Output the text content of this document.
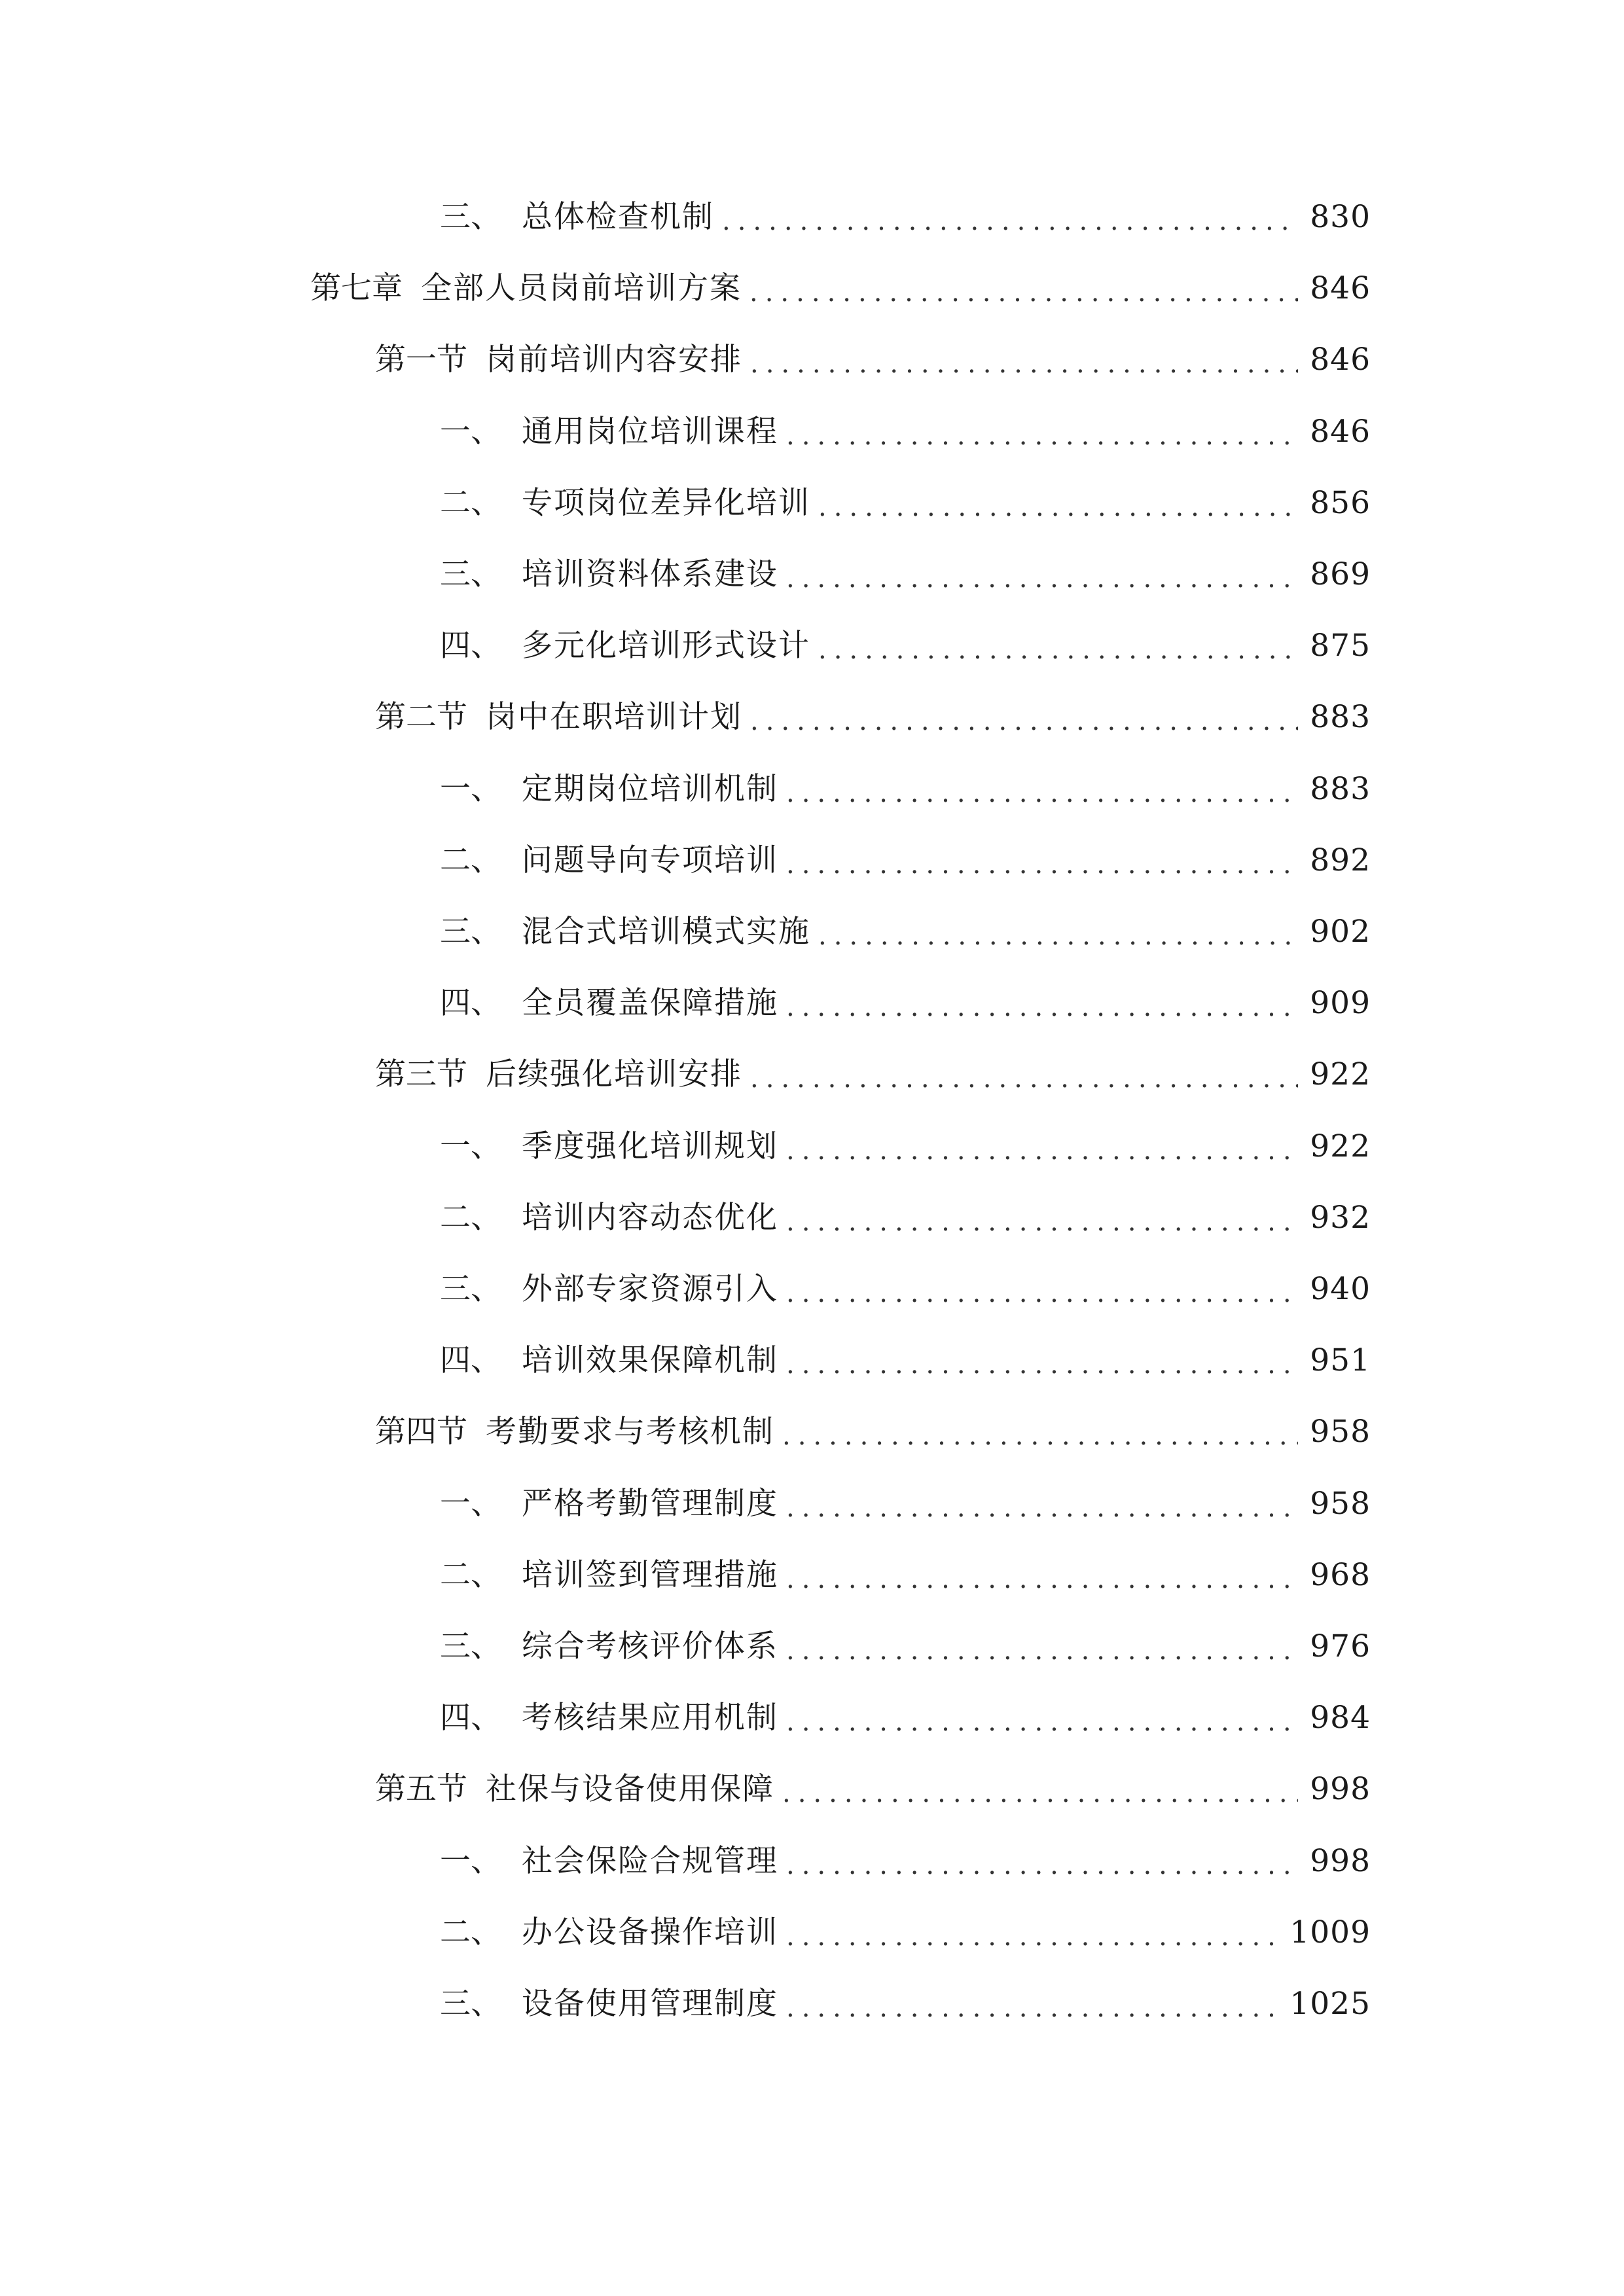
三、 总体检查机制 .....	830
第七章 全部人员岗前培训方案 .....	846
第一节 岗前培训内容安排 .....	846
一、 通用岗位培训课程 .....	846
二、 专项岗位差异化培训 .....	856
三、 培训资料体系建设 .....	869
四、 多元化培训形式设计 .....	875
第二节 岗中在职培训计划 .....	883
一、 定期岗位培训机制 .....	883
二、 问题导向专项培训 .....	892
三、 混合式培训模式实施 .....	902
四、 全员覆盖保障措施 .....	909
第三节 后续强化培训安排 .....	922
一、 季度强化培训规划 .....	922
二、 培训内容动态优化 .....	932
三、 外部专家资源引入 .....	940
四、 培训效果保障机制 .....	951
第四节 考勤要求与考核机制 .....	958
一、 严格考勤管理制度 .....	958
二、 培训签到管理措施 .....	968
三、 综合考核评价体系 .....	976
四、 考核结果应用机制 .....	984
第五节 社保与设备使用保障 .....	998
一、 社会保险合规管理 .....	998
二、 办公设备操作培训 .....	1009
三、 设备使用管理制度 .....	1025
